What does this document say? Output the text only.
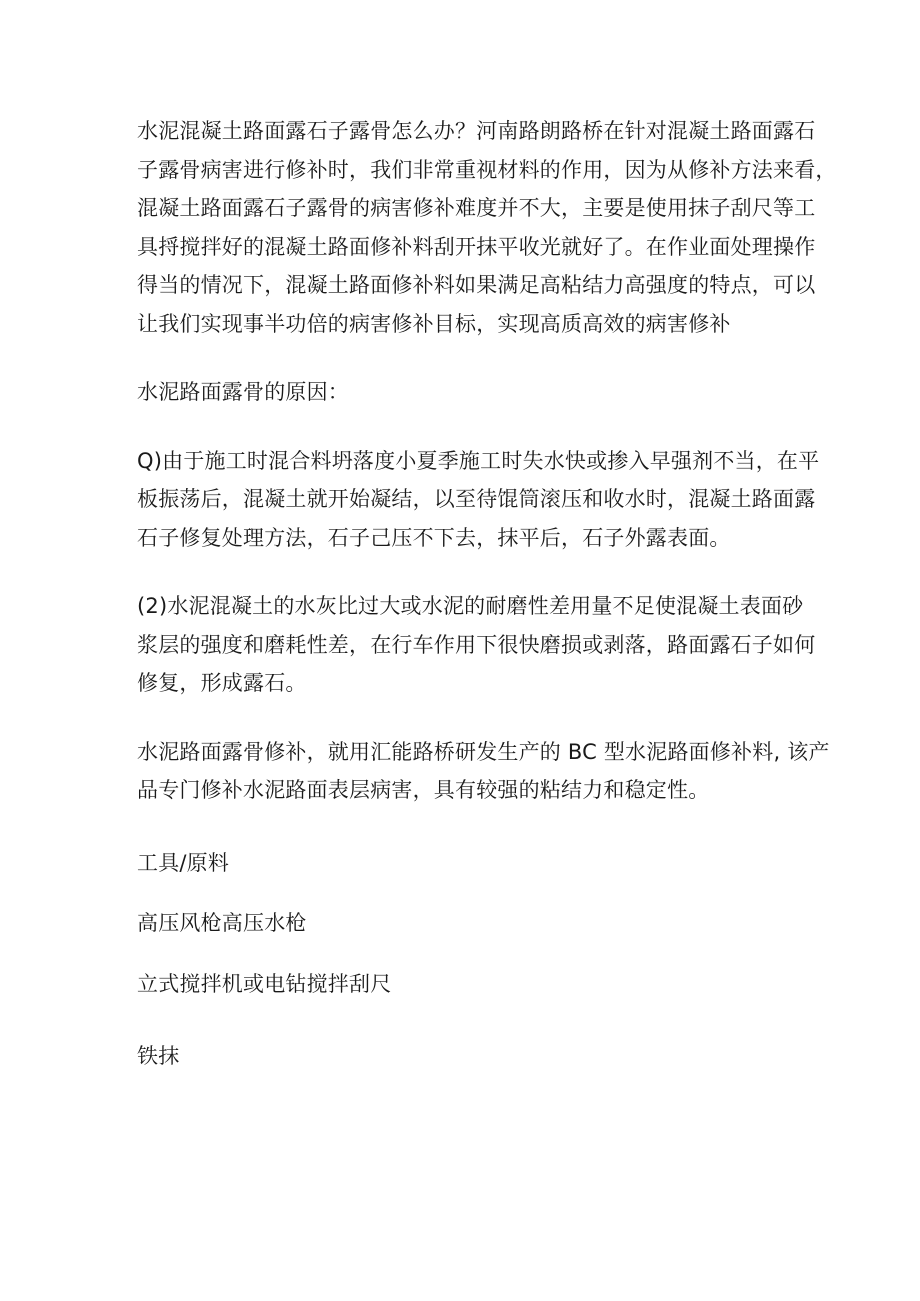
水泥混凝土路面露石子露骨怎么办？河南路朗路桥在针对混凝土路面露石
子露骨病害进行修补时，我们非常重视材料的作用，因为从修补方法来看，
混凝土路面露石子露骨的病害修补难度并不大，主要是使用抹子刮尺等工
具捋搅拌好的混凝土路面修补料刮开抹平收光就好了。在作业面处理操作
得当的情况下，混凝土路面修补料如果满足高粘结力高强度的特点，可以
让我们实现事半功倍的病害修补目标，实现高质高效的病害修补

水泥路面露骨的原因：

Q)由于施工时混合料坍落度小夏季施工时失水快或掺入早强剂不当，在平
板振荡后，混凝土就开始凝结，以至待馄筒滚压和收水时，混凝土路面露
石子修复处理方法，石子己压不下去，抹平后，石子外露表面。

(2)水泥混凝土的水灰比过大或水泥的耐磨性差用量不足使混凝土表面砂
浆层的强度和磨耗性差，在行车作用下很快磨损或剥落，路面露石子如何
修复，形成露石。

水泥路面露骨修补，就用汇能路桥研发生产的 BC 型水泥路面修补料, 该产
品专门修补水泥路面表层病害，具有较强的粘结力和稳定性。

工具/原料

高压风枪高压水枪

立式搅拌机或电钻搅拌刮尺

铁抹
